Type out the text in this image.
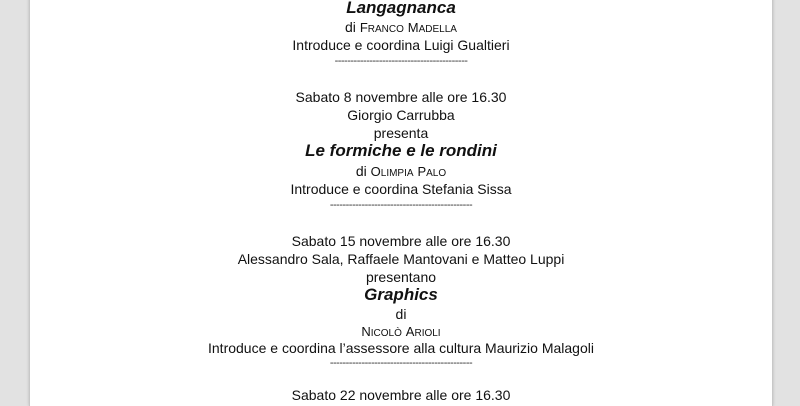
Langagnanca
di FRANCO MADELLA
Introduce e coordina Luigi Gualtieri
------------------------------------------
Sabato 8 novembre alle ore 16.30
Giorgio Carrubba
presenta
Le formiche e le rondini
di OLIMPIA PALO
Introduce e coordina Stefania Sissa
---------------------------------------------
Sabato 15 novembre alle ore 16.30
Alessandro Sala, Raffaele Mantovani e Matteo Luppi
presentano
Graphics
di
NICOLÒ ARIOLI
Introduce e coordina l’assessore alla cultura Maurizio Malagoli
---------------------------------------------
Sabato 22 novembre alle ore 16.30
